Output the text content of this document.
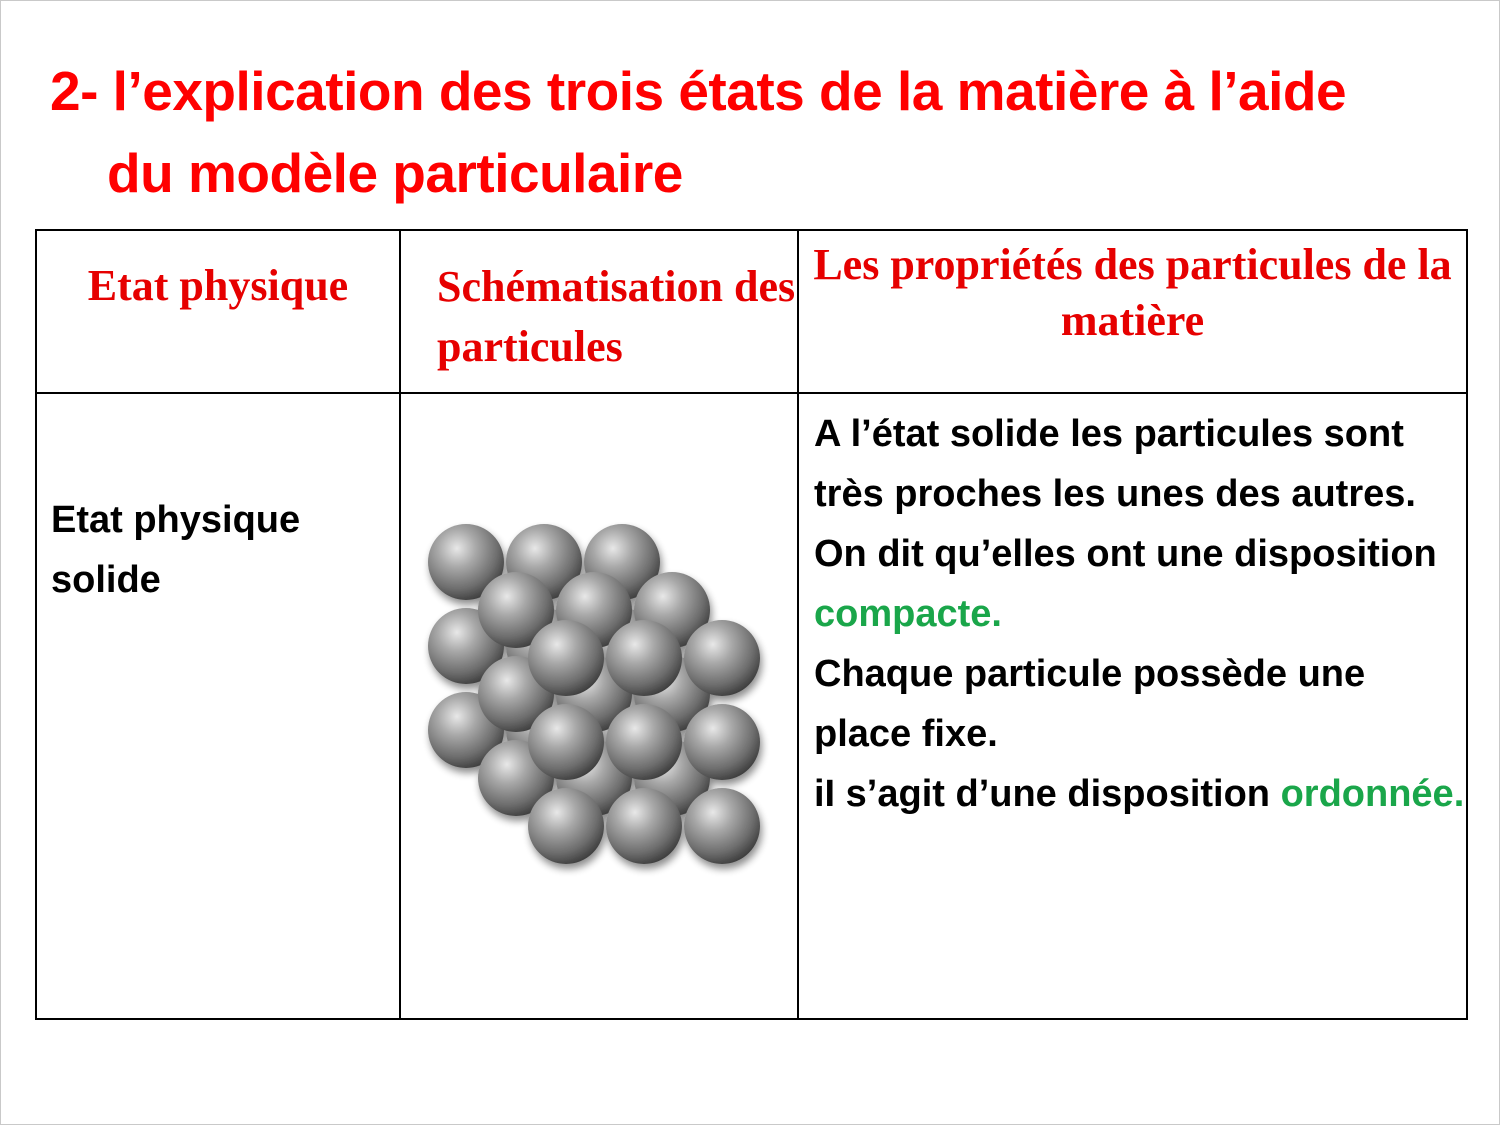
2- l’explication des trois états de la matière à l’aide
du modèle particulaire
Etat physique	Schématisation des particules	Les propriétés des particules de la matière

Etat physique solide		A l’état solide les particules sont très proches les unes des autres. On dit qu’elles ont une disposition compacte.
Chaque particule possède une place fixe.
iI s’agit d’une disposition ordonnée.
